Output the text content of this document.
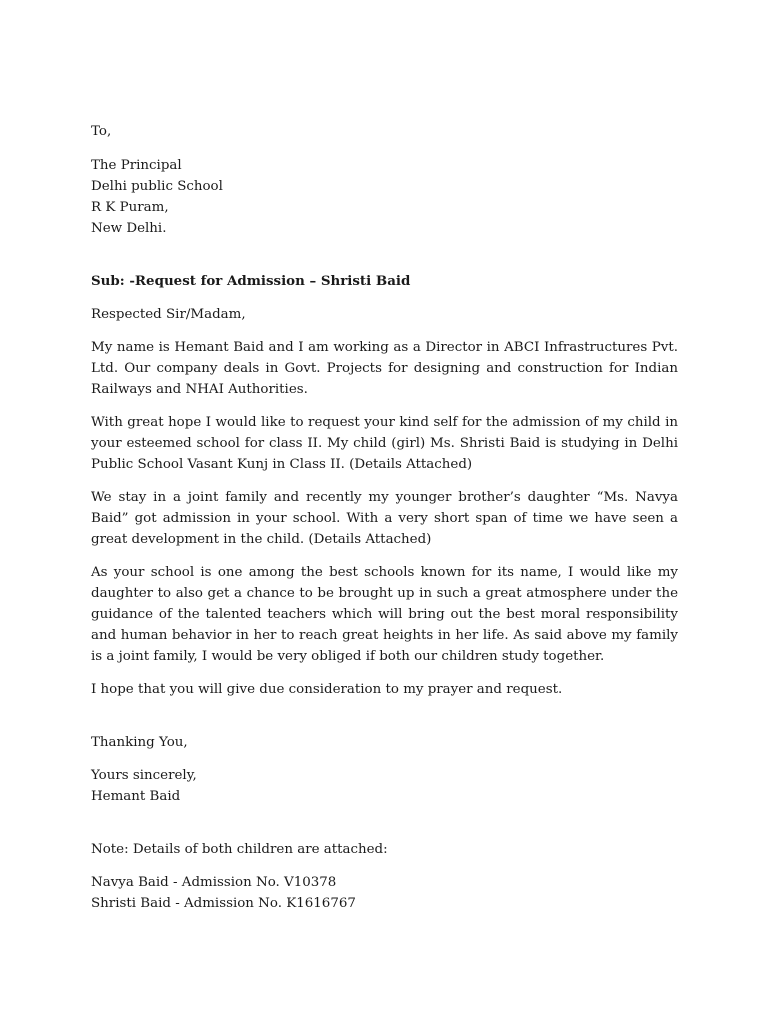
To,

The Principal
Delhi public School
R K Puram,
New Delhi.

Sub: -Request for Admission – Shristi Baid

Respected Sir/Madam,

My name is Hemant Baid and I am working as a Director in ABCI Infrastructures Pvt. Ltd. Our company deals in Govt. Projects for designing and construction for Indian Railways and NHAI Authorities.

With great hope I would like to request your kind self for the admission of my child in your esteemed school for class II. My child (girl) Ms. Shristi Baid is studying in Delhi Public School Vasant Kunj in Class II. (Details Attached)

We stay in a joint family and recently my younger brother’s daughter “Ms. Navya Baid” got admission in your school. With a very short span of time we have seen a great development in the child. (Details Attached)

As your school is one among the best schools known for its name, I would like my daughter to also get a chance to be brought up in such a great atmosphere under the guidance of the talented teachers which will bring out the best moral responsibility and human behavior in her to reach great heights in her life. As said above my family is a joint family, I would be very obliged if both our children study together.

I hope that you will give due consideration to my prayer and request.

Thanking You,

Yours sincerely,
Hemant Baid

Note: Details of both children are attached:

Navya Baid - Admission No. V10378
Shristi Baid - Admission No. K1616767
